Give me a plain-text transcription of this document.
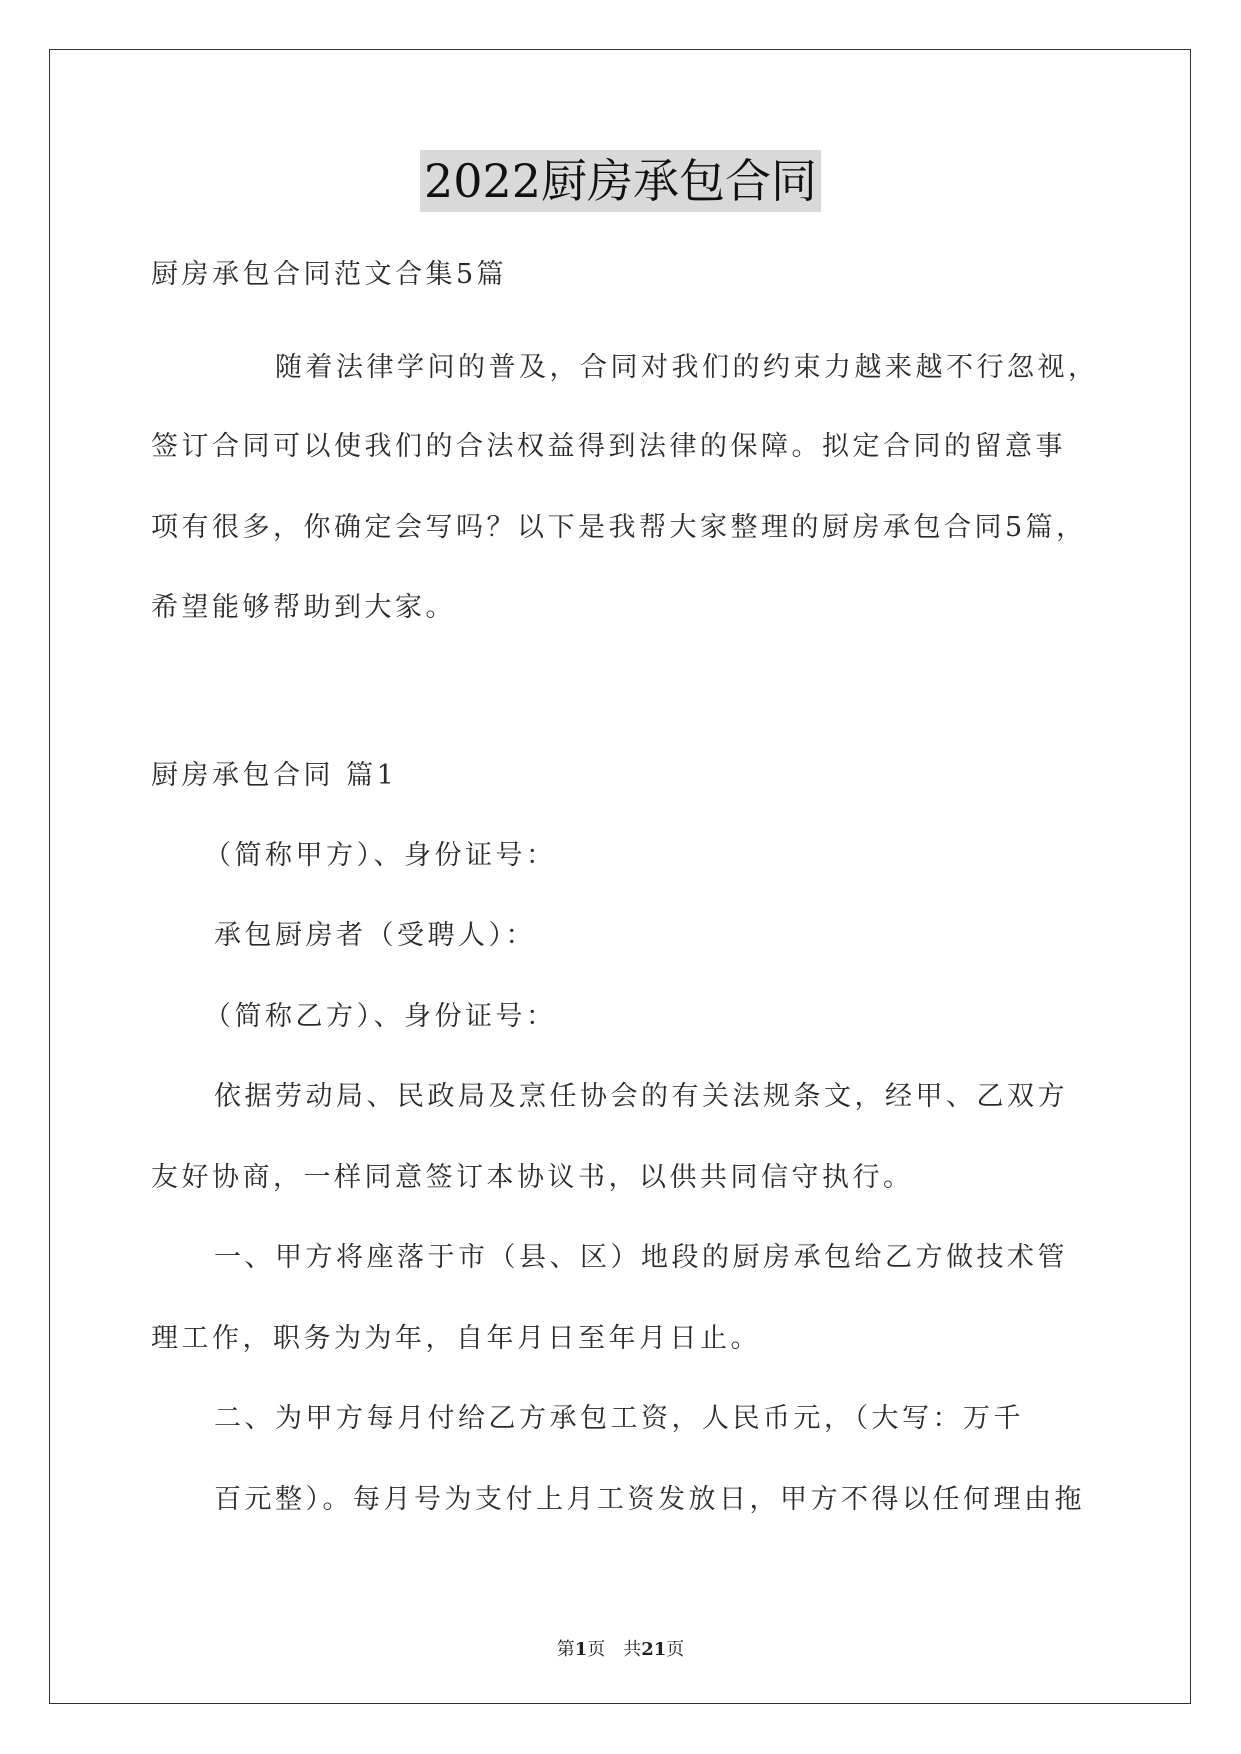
2022厨房承包合同
厨房承包合同范文合集5篇
随着法律学问的普及，合同对我们的约束力越来越不行忽视，
签订合同可以使我们的合法权益得到法律的保障。拟定合同的留意事
项有很多，你确定会写吗？以下是我帮大家整理的厨房承包合同5篇，
希望能够帮助到大家。
厨房承包合同 篇1
（简称甲方）、身份证号：
承包厨房者（受聘人）：
（简称乙方）、身份证号：
依据劳动局、民政局及烹任协会的有关法规条文，经甲、乙双方
友好协商，一样同意签订本协议书，以供共同信守执行。
一、甲方将座落于市（县、区）地段的厨房承包给乙方做技术管
理工作，职务为为年，自年月日至年月日止。
二、为甲方每月付给乙方承包工资，人民币元，（大写：万千
百元整）。每月号为支付上月工资发放日，甲方不得以任何理由拖
第1页　共21页
